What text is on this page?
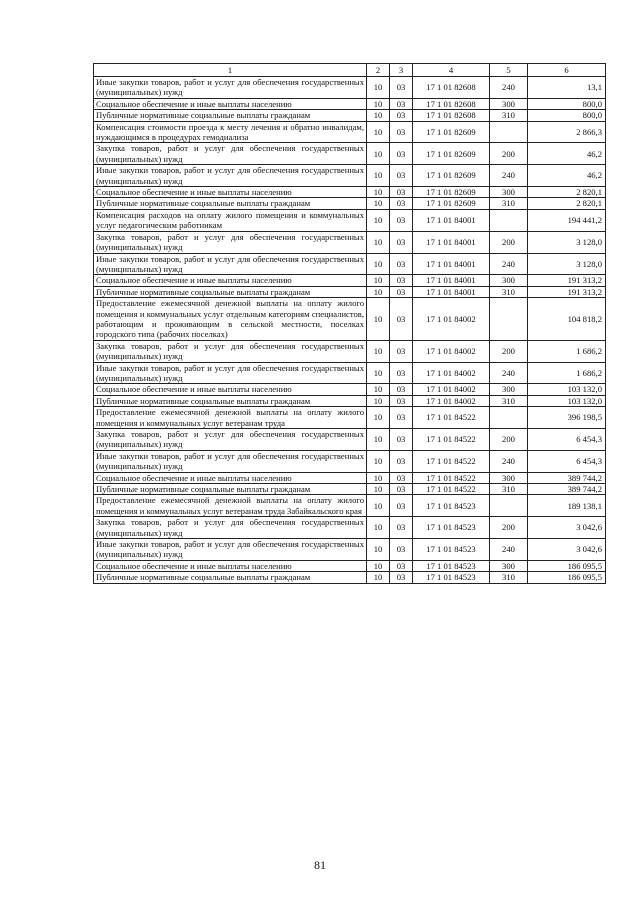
1	2	3	4	5	6
Иные закупки товаров, работ и услуг для обеспечения государственных (муниципальных) нужд	10	03	17 1 01 82608	240	13,1
Социальное обеспечение и иные выплаты населению	10	03	17 1 01 82608	300	800,0
Публичные нормативные социальные выплаты гражданам	10	03	17 1 01 82608	310	800,0
Компенсация стоимости проезда к месту лечения и обратно инвалидам, нуждающимся в процедурах гемодиализа	10	03	17 1 01 82609		2 866,3
Закупка товаров, работ и услуг для обеспечения государственных (муниципальных) нужд	10	03	17 1 01 82609	200	46,2
Иные закупки товаров, работ и услуг для обеспечения государственных (муниципальных) нужд	10	03	17 1 01 82609	240	46,2
Социальное обеспечение и иные выплаты населению	10	03	17 1 01 82609	300	2 820,1
Публичные нормативные социальные выплаты гражданам	10	03	17 1 01 82609	310	2 820,1
Компенсация расходов на оплату жилого помещения и коммунальных услуг педагогическим работникам	10	03	17 1 01 84001		194 441,2
Закупка товаров, работ и услуг для обеспечения государственных (муниципальных) нужд	10	03	17 1 01 84001	200	3 128,0
Иные закупки товаров, работ и услуг для обеспечения государственных (муниципальных) нужд	10	03	17 1 01 84001	240	3 128,0
Социальное обеспечение и иные выплаты населению	10	03	17 1 01 84001	300	191 313,2
Публичные нормативные социальные выплаты гражданам	10	03	17 1 01 84001	310	191 313,2
Предоставление ежемесячной денежной выплаты на оплату жилого помещения и коммунальных услуг отдельным категориям специалистов, работающим и проживающим в сельской местности, поселках городского типа (рабочих поселках)	10	03	17 1 01 84002		104 818,2
Закупка товаров, работ и услуг для обеспечения государственных (муниципальных) нужд	10	03	17 1 01 84002	200	1 686,2
Иные закупки товаров, работ и услуг для обеспечения государственных (муниципальных) нужд	10	03	17 1 01 84002	240	1 686,2
Социальное обеспечение и иные выплаты населению	10	03	17 1 01 84002	300	103 132,0
Публичные нормативные социальные выплаты гражданам	10	03	17 1 01 84002	310	103 132,0
Предоставление ежемесячной денежной выплаты на оплату жилого помещения и коммунальных услуг ветеранам труда	10	03	17 1 01 84522		396 198,5
Закупка товаров, работ и услуг для обеспечения государственных (муниципальных) нужд	10	03	17 1 01 84522	200	6 454,3
Иные закупки товаров, работ и услуг для обеспечения государственных (муниципальных) нужд	10	03	17 1 01 84522	240	6 454,3
Социальное обеспечение и иные выплаты населению	10	03	17 1 01 84522	300	389 744,2
Публичные нормативные социальные выплаты гражданам	10	03	17 1 01 84522	310	389 744,2
Предоставление ежемесячной денежной выплаты на оплату жилого помещения и коммунальных услуг ветеранам труда Забайкальского края	10	03	17 1 01 84523		189 138,1
Закупка товаров, работ и услуг для обеспечения государственных (муниципальных) нужд	10	03	17 1 01 84523	200	3 042,6
Иные закупки товаров, работ и услуг для обеспечения государственных (муниципальных) нужд	10	03	17 1 01 84523	240	3 042,6
Социальное обеспечение и иные выплаты населению	10	03	17 1 01 84523	300	186 095,5
Публичные нормативные социальные выплаты гражданам	10	03	17 1 01 84523	310	186 095,5
81
